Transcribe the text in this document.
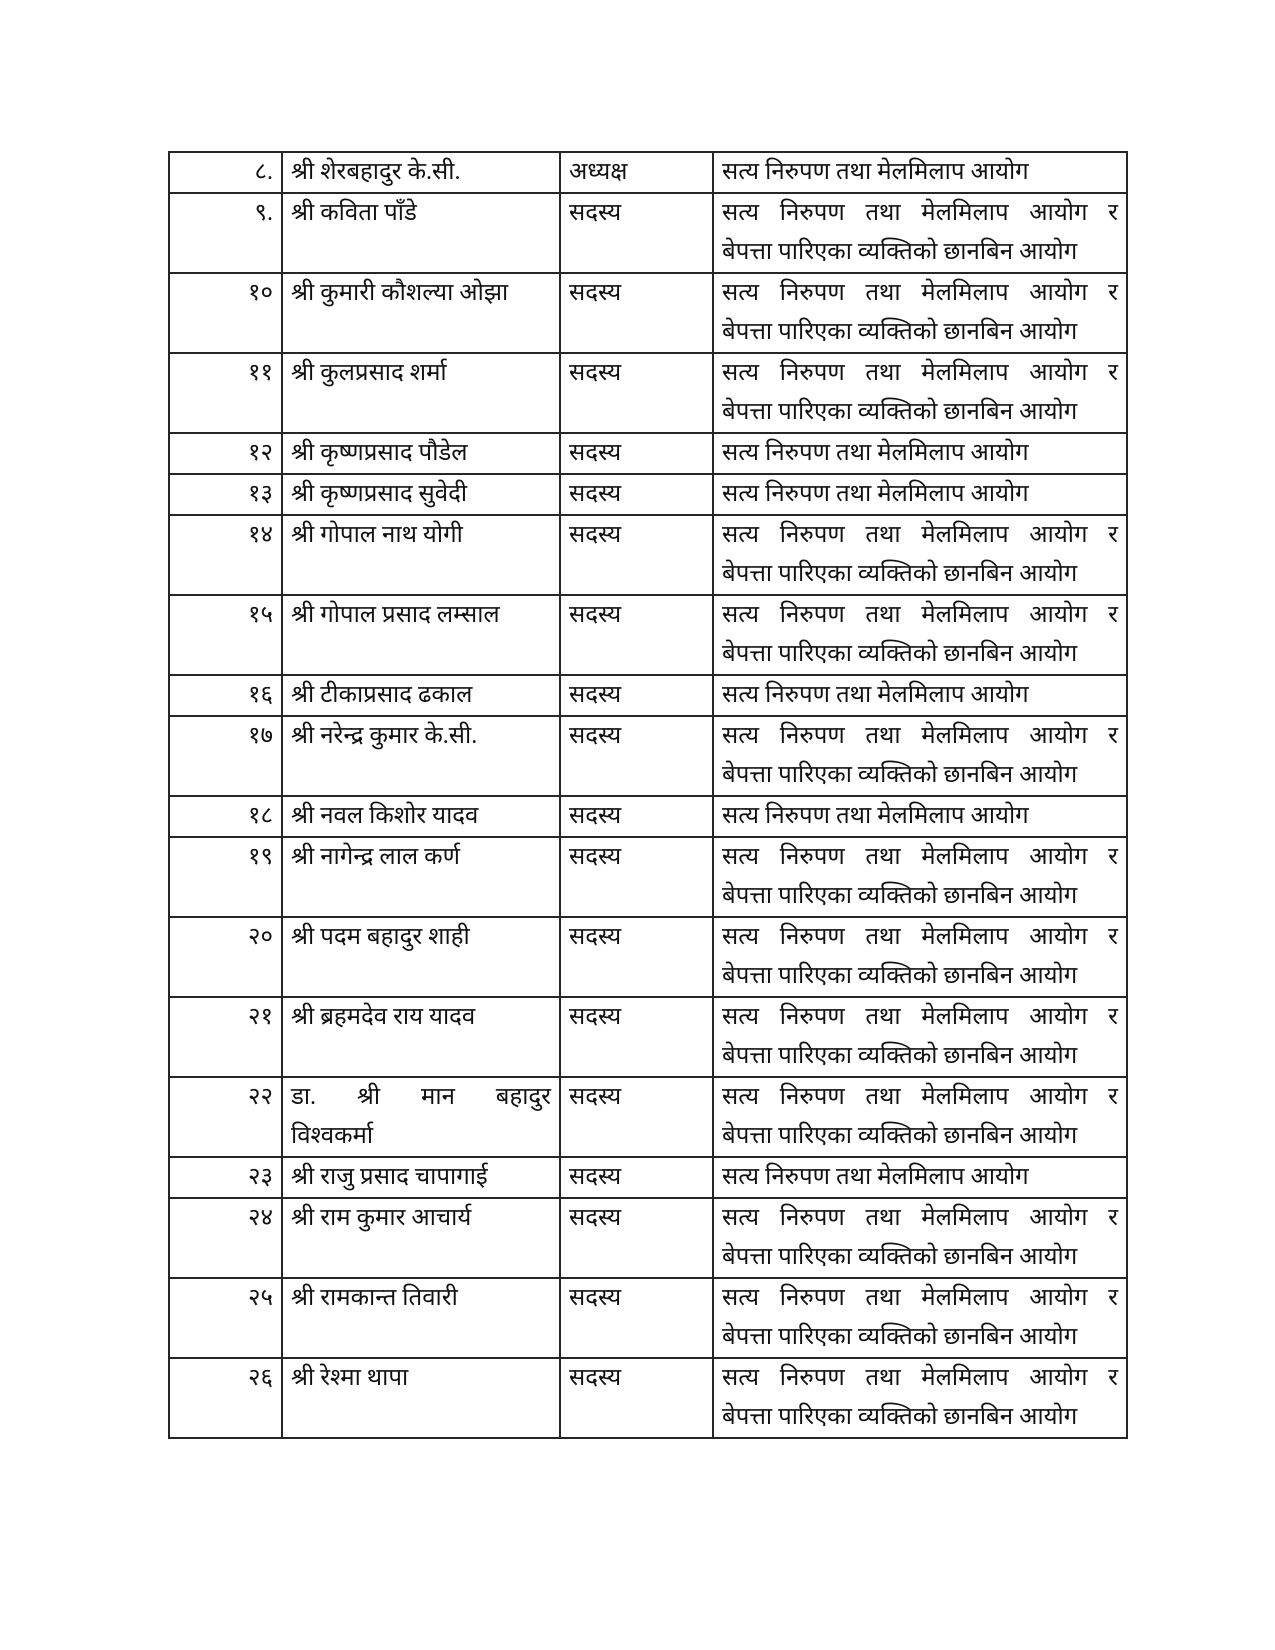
८.	श्री शेरबहादुर के.सी.	अध्यक्ष	सत्य निरुपण तथा मेलमिलाप आयोग

९.	श्री कविता पाँडे	सदस्य	सत्य निरुपण तथा मेलमिलाप आयोग र
बेपत्ता पारिएका व्यक्तिको छानबिन आयोग

१०	श्री कुमारी कौशल्या ओझा	सदस्य	सत्य निरुपण तथा मेलमिलाप आयोग र
बेपत्ता पारिएका व्यक्तिको छानबिन आयोग

११	श्री कुलप्रसाद शर्मा	सदस्य	सत्य निरुपण तथा मेलमिलाप आयोग र
बेपत्ता पारिएका व्यक्तिको छानबिन आयोग

१२	श्री कृष्णप्रसाद पौडेल	सदस्य	सत्य निरुपण तथा मेलमिलाप आयोग

१३	श्री कृष्णप्रसाद सुवेदी	सदस्य	सत्य निरुपण तथा मेलमिलाप आयोग

१४	श्री गोपाल नाथ योगी	सदस्य	सत्य निरुपण तथा मेलमिलाप आयोग र
बेपत्ता पारिएका व्यक्तिको छानबिन आयोग

१५	श्री गोपाल प्रसाद लम्साल	सदस्य	सत्य निरुपण तथा मेलमिलाप आयोग र
बेपत्ता पारिएका व्यक्तिको छानबिन आयोग

१६	श्री टीकाप्रसाद ढकाल	सदस्य	सत्य निरुपण तथा मेलमिलाप आयोग

१७	श्री नरेन्द्र कुमार के.सी.	सदस्य	सत्य निरुपण तथा मेलमिलाप आयोग र
बेपत्ता पारिएका व्यक्तिको छानबिन आयोग

१८	श्री नवल किशोर यादव	सदस्य	सत्य निरुपण तथा मेलमिलाप आयोग

१९	श्री नागेन्द्र लाल कर्ण	सदस्य	सत्य निरुपण तथा मेलमिलाप आयोग र
बेपत्ता पारिएका व्यक्तिको छानबिन आयोग

२०	श्री पदम बहादुर शाही	सदस्य	सत्य निरुपण तथा मेलमिलाप आयोग र
बेपत्ता पारिएका व्यक्तिको छानबिन आयोग

२१	श्री ब्रहमदेव राय यादव	सदस्य	सत्य निरुपण तथा मेलमिलाप आयोग र
बेपत्ता पारिएका व्यक्तिको छानबिन आयोग

२२	डा. श्री मान बहादुर
विश्वकर्मा	सदस्य	सत्य निरुपण तथा मेलमिलाप आयोग र
बेपत्ता पारिएका व्यक्तिको छानबिन आयोग

२३	श्री राजु प्रसाद चापागाई	सदस्य	सत्य निरुपण तथा मेलमिलाप आयोग

२४	श्री राम कुमार आचार्य	सदस्य	सत्य निरुपण तथा मेलमिलाप आयोग र
बेपत्ता पारिएका व्यक्तिको छानबिन आयोग

२५	श्री रामकान्त तिवारी	सदस्य	सत्य निरुपण तथा मेलमिलाप आयोग र
बेपत्ता पारिएका व्यक्तिको छानबिन आयोग

२६	श्री रेश्मा थापा	सदस्य	सत्य निरुपण तथा मेलमिलाप आयोग र
बेपत्ता पारिएका व्यक्तिको छानबिन आयोग
